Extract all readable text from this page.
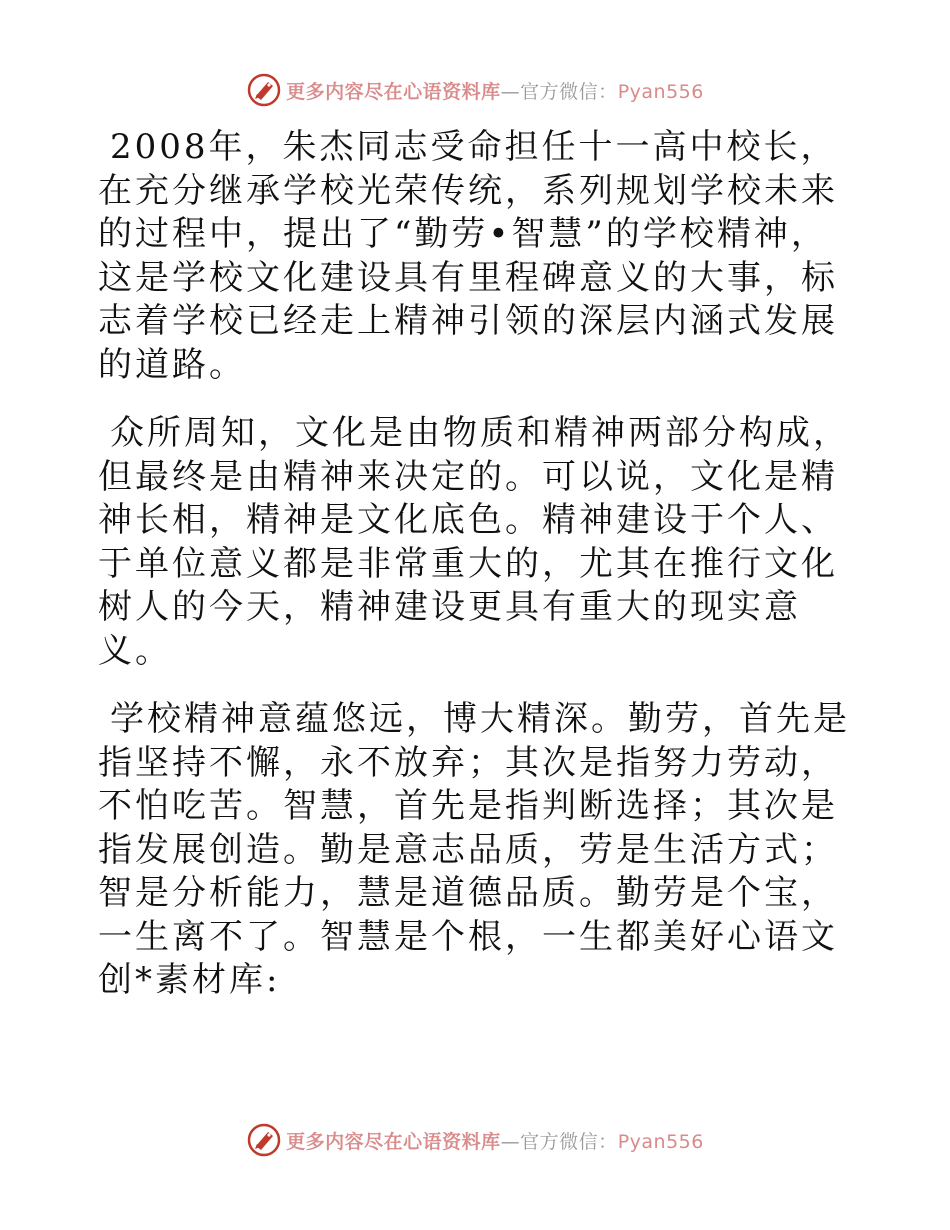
更多内容尽在心语资料库—官方微信：Pyan556

2008年，朱杰同志受命担任十一高中校长，在充分继承学校光荣传统，系列规划学校未来的过程中，提出了“勤劳•智慧”的学校精神，这是学校文化建设具有里程碑意义的大事，标志着学校已经走上精神引领的深层内涵式发展的道路。

众所周知，文化是由物质和精神两部分构成，但最终是由精神来决定的。可以说，文化是精神长相，精神是文化底色。精神建设于个人、于单位意义都是非常重大的，尤其在推行文化树人的今天，精神建设更具有重大的现实意义。

学校精神意蕴悠远，博大精深。勤劳，首先是指坚持不懈，永不放弃；其次是指努力劳动，不怕吃苦。智慧，首先是指判断选择；其次是指发展创造。勤是意志品质，劳是生活方式；智是分析能力，慧是道德品质。勤劳是个宝，一生离不了。智慧是个根，一生都美好心语文创*素材库:

更多内容尽在心语资料库—官方微信：Pyan556
